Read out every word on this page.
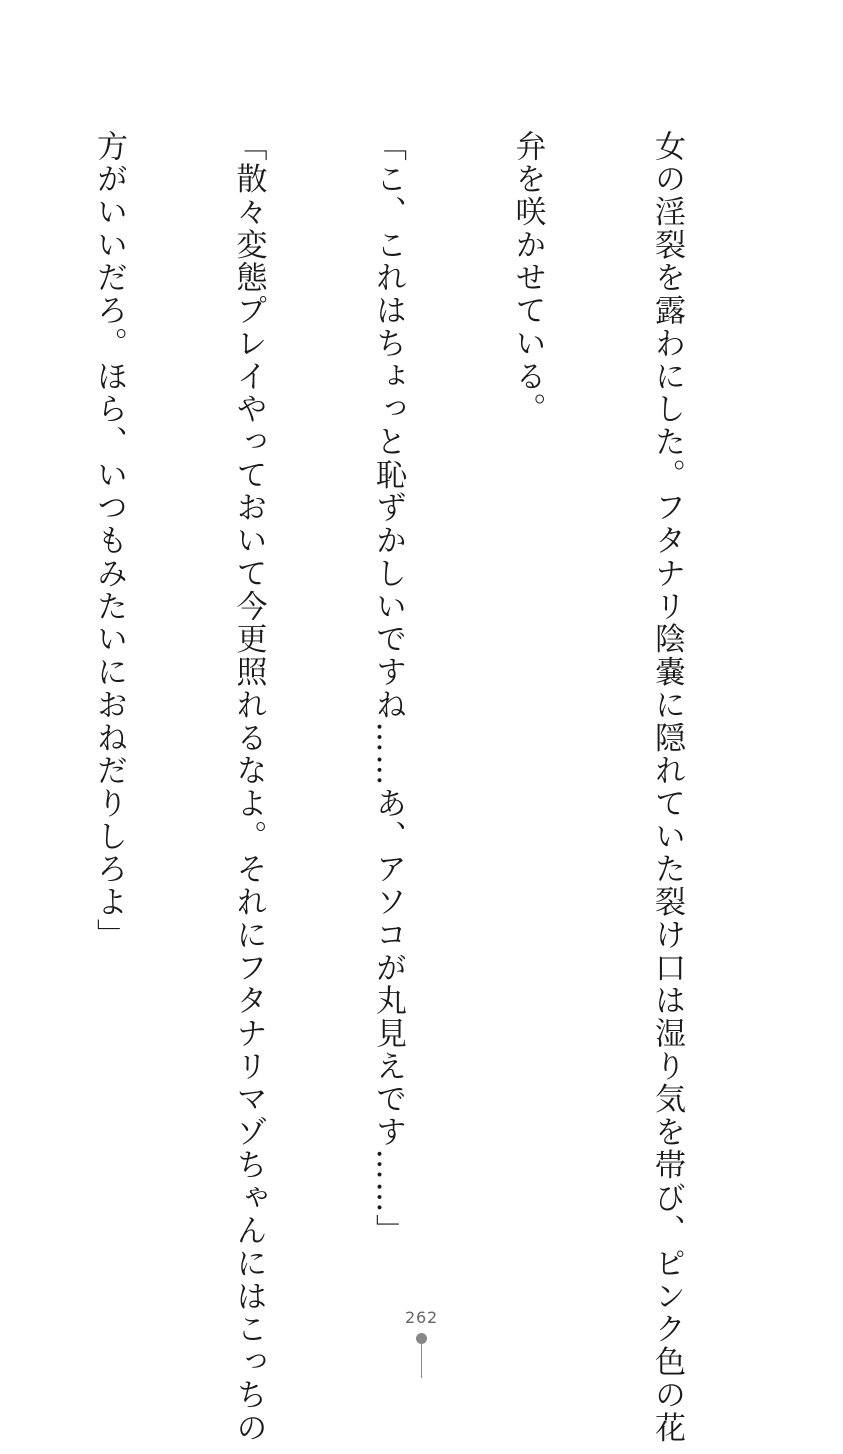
女の淫裂を露わにした。フタナリ陰嚢に隠れていた裂け口は湿り気を帯び、ピンク色の花

弁を咲かせている。

「こ、これはちょっと恥ずかしいですね……あ、アソコが丸見えです……」

「散々変態プレイやっておいて今更照れるなよ。それにフタナリマゾちゃんにはこっちの

方がいいだろ。ほら、いつもみたいにおねだりしろよ」

262
